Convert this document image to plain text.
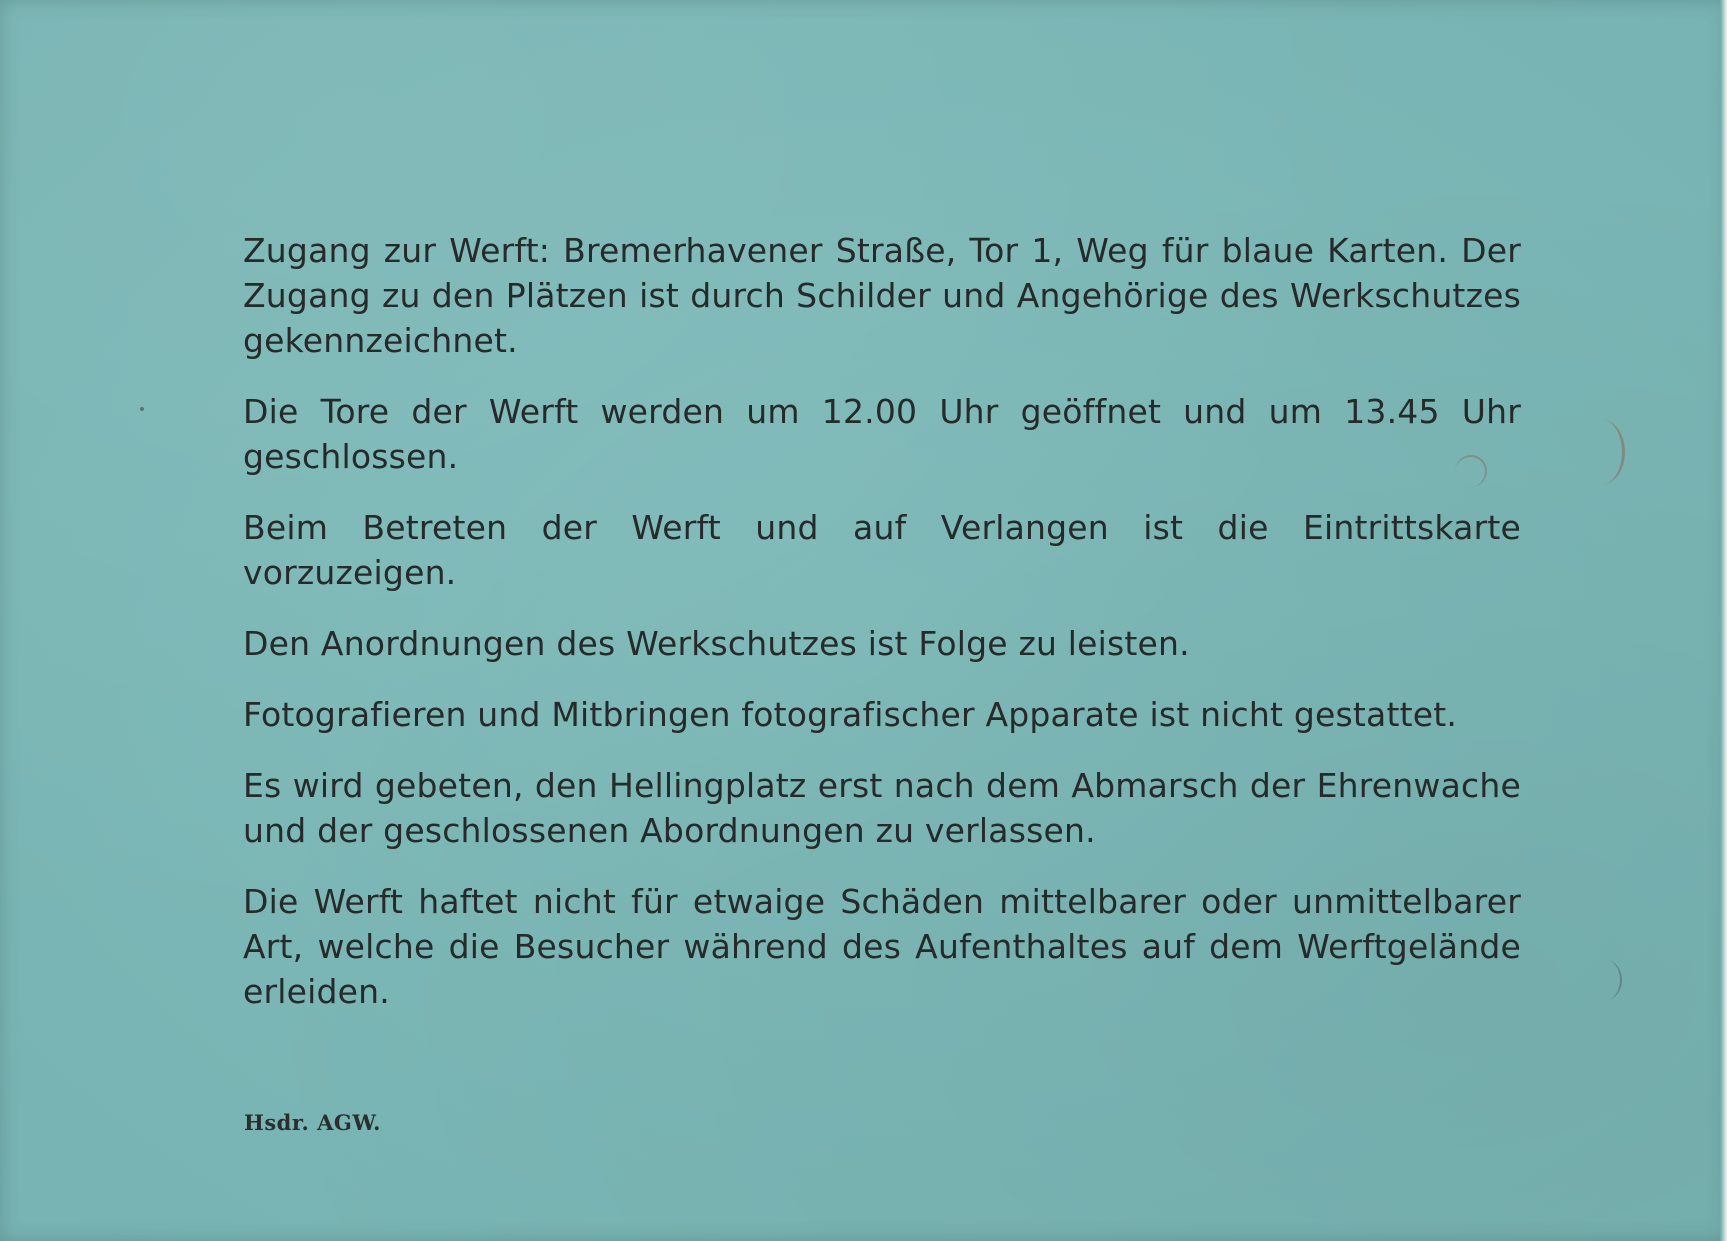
Zugang zur Werft: Bremerhavener Straße, Tor 1, Weg für blaue Karten. Der Zugang zu den Plätzen ist durch Schilder und Angehörige des Werkschutzes gekennzeichnet.

Die Tore der Werft werden um 12.00 Uhr geöffnet und um 13.45 Uhr geschlossen.

Beim Betreten der Werft und auf Verlangen ist die Eintrittskarte vorzuzeigen.

Den Anordnungen des Werkschutzes ist Folge zu leisten.

Fotografieren und Mitbringen fotografischer Apparate ist nicht gestattet.

Es wird gebeten, den Hellingplatz erst nach dem Abmarsch der Ehrenwache und der geschlossenen Abordnungen zu verlassen.

Die Werft haftet nicht für etwaige Schäden mittelbarer oder unmittelbarer Art, welche die Besucher während des Aufenthaltes auf dem Werftgelände erleiden.

Hsdr. AGW.
